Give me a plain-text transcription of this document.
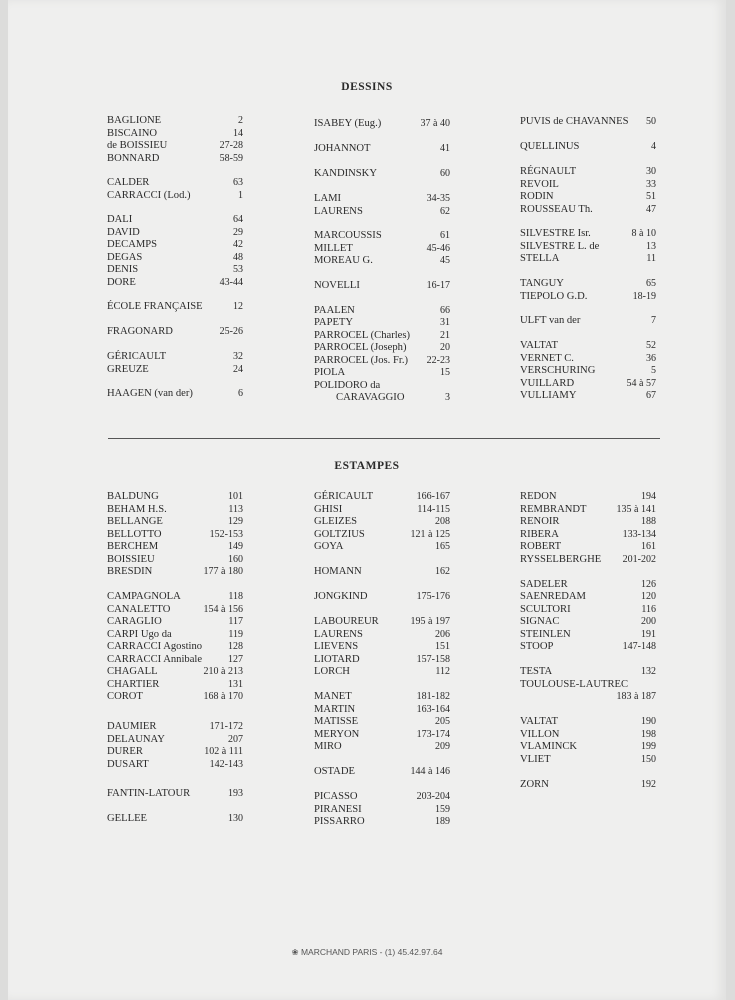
DESSINS
BAGLIONE	2
BISCAINO	14
de BOISSIEU	27-28
BONNARD	58-59
CALDER	63
CARRACCI (Lod.)	1
DALI	64
DAVID	29
DECAMPS	42
DEGAS	48
DENIS	53
DORE	43-44
ÉCOLE FRANÇAISE	12
FRAGONARD	25-26
GÉRICAULT	32
GREUZE	24
HAAGEN (van der)	6
ISABEY (Eug.)	37 à 40
JOHANNOT	41
KANDINSKY	60
LAMI	34-35
LAURENS	62
MARCOUSSIS	61
MILLET	45-46
MOREAU G.	45
NOVELLI	16-17
PAALEN	66
PAPETY	31
PARROCEL (Charles)	21
PARROCEL (Joseph)	20
PARROCEL (Jos. Fr.) 22-23
PIOLA	15
POLIDORO da
CARAVAGGIO	3
PUVIS de CHAVANNES 50
QUELLINUS	4
RÉGNAULT	30
REVOIL	33
RODIN	51
ROUSSEAU Th.	47
SILVESTRE Isr.	8 à 10
SILVESTRE L. de	13
STELLA	11
TANGUY	65
TIEPOLO G.D.	18-19
ULFT van der	7
VALTAT	52
VERNET C.	36
VERSCHURING	5
VUILLARD	54 à 57
VULLIAMY	67
ESTAMPES
BALDUNG	101
BEHAM H.S.	113
BELLANGE	129
BELLOTTO	152-153
BERCHEM	149
BOISSIEU	160
BRESDIN	177 à 180
CAMPAGNOLA	118
CANALETTO	154 à 156
CARAGLIO	117
CARPI Ugo da	119
CARRACCI Agostino	128
CARRACCI Annibale	127
CHAGALL	210 à 213
CHARTIER	131
COROT	168 à 170
DAUMIER	171-172
DELAUNAY	207
DURER	102 à 111
DUSART	142-143
FANTIN-LATOUR	193
GELLEE	130
GÉRICAULT	166-167
GHISI	114-115
GLEIZES	208
GOLTZIUS	121 à 125
GOYA	165
HOMANN	162
JONGKIND	175-176
LABOUREUR	195 à 197
LAURENS	206
LIEVENS	151
LIOTARD	157-158
LORCH	112
MANET	181-182
MARTIN	163-164
MATISSE	205
MERYON	173-174
MIRO	209
OSTADE	144 à 146
PICASSO	203-204
PIRANESI	159
PISSARRO	189
REDON	194
REMBRANDT	135 à 141
RENOIR	188
RIBERA	133-134
ROBERT	161
RYSSELBERGHE 201-202
SADELER	126
SAENREDAM	120
SCULTORI	116
SIGNAC	200
STEINLEN	191
STOOP	147-148
TESTA	132
TOULOUSE-LAUTREC
183 à 187
VALTAT	190
VILLON	198
VLAMINCK	199
VLIET	150
ZORN	192
❀ MARCHAND PARIS - (1) 45.42.97.64
